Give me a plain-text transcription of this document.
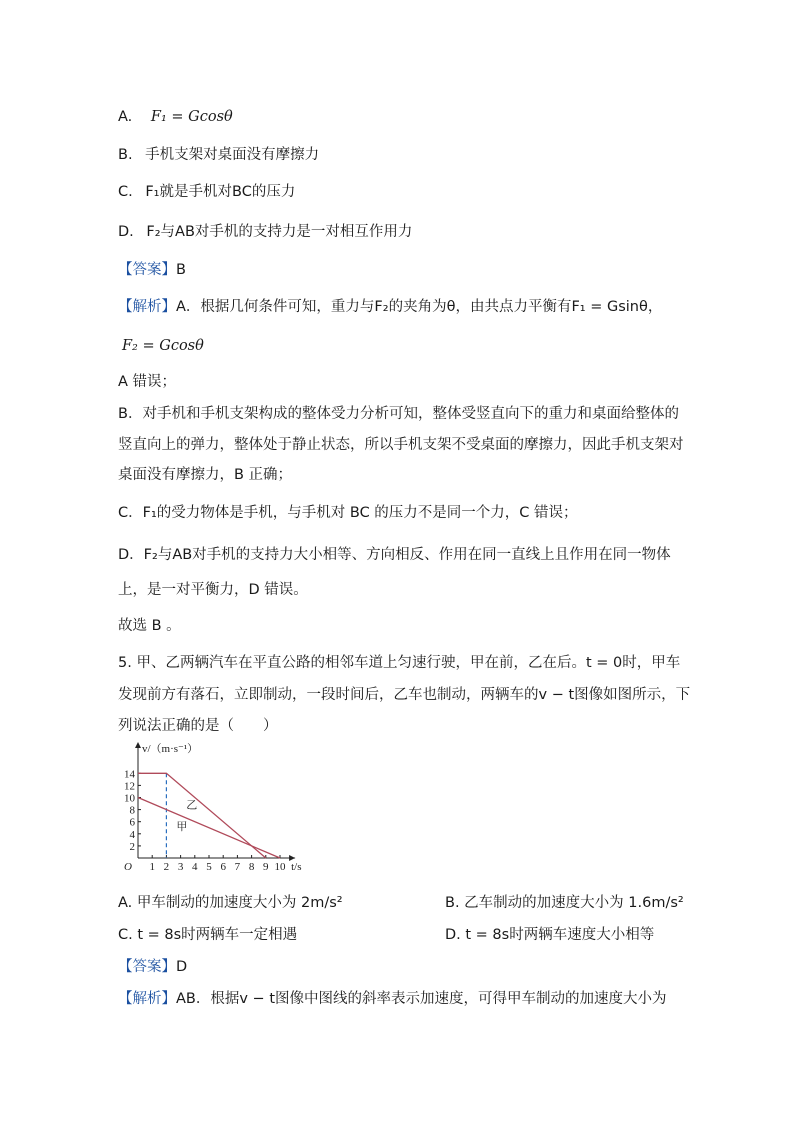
A. F₁ = Gcosθ
B. 手机支架对桌面没有摩擦力
C. F₁就是手机对BC的压力
D. F₂与AB对手机的支持力是一对相互作用力
【答案】B
【解析】A．根据几何条件可知，重力与F₂的夹角为θ，由共点力平衡有F₁ = Gsinθ，
F₂ = Gcosθ
A 错误；
B．对手机和手机支架构成的整体受力分析可知，整体受竖直向下的重力和桌面给整体的
竖直向上的弹力，整体处于静止状态，所以手机支架不受桌面的摩擦力，因此手机支架对
桌面没有摩擦力，B 正确；
C．F₁的受力物体是手机，与手机对 BC 的压力不是同一个力，C 错误；
D．F₂与AB对手机的支持力大小相等、方向相反、作用在同一直线上且作用在同一物体
上，是一对平衡力，D 错误。
故选 B 。
5. 甲、乙两辆汽车在平直公路的相邻车道上匀速行驶，甲在前，乙在后。t = 0时，甲车
发现前方有落石，立即制动，一段时间后，乙车也制动，两辆车的v − t图像如图所示，下
列说法正确的是（　　）
1 2 3 4 5 6 7 8 9 10
2
4
6
8
10
12
14
O
v/（m·s⁻¹）
t/s
乙
甲
A. 甲车制动的加速度大小为 2m/s²	B. 乙车制动的加速度大小为 1.6m/s²
C. t = 8s时两辆车一定相遇	D. t = 8s时两辆车速度大小相等
【答案】D
【解析】AB．根据v − t图像中图线的斜率表示加速度，可得甲车制动的加速度大小为
